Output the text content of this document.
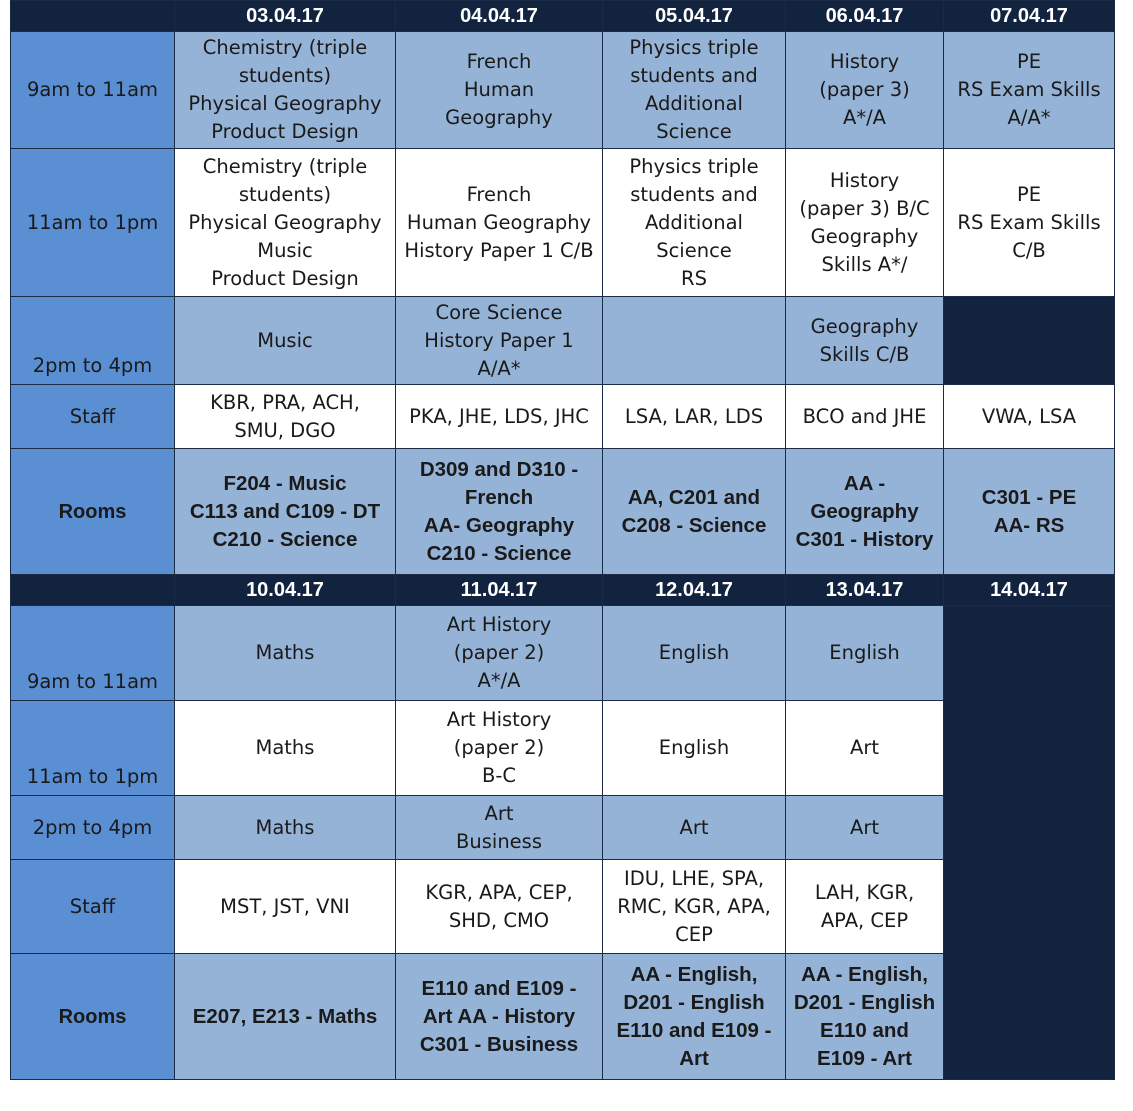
	03.04.17	04.04.17	05.04.17	06.04.17	07.04.17
9am to 11am	Chemistry (triple
students)
Physical Geography
Product Design	French
Human
Geography	Physics triple
students and
Additional
Science	History
(paper 3)
A*/A	PE
RS Exam Skills
A/A*
11am to 1pm	Chemistry (triple
students)
Physical Geography
Music
Product Design	French
Human Geography
History Paper 1 C/B	Physics triple
students and
Additional
Science
RS	History
(paper 3) B/C
Geography
Skills A*/	PE
RS Exam Skills
C/B
2pm to 4pm	Music	Core Science
History Paper 1
A/A*		Geography
Skills C/B	
Staff	KBR, PRA, ACH,
SMU, DGO	PKA, JHE, LDS, JHC	LSA, LAR, LDS	BCO and JHE	VWA, LSA
Rooms	F204 - Music
C113 and C109 - DT
C210 - Science	D309 and D310 -
French
AA- Geography
C210 - Science	AA, C201 and
C208 - Science	AA -
Geography
C301 - History	C301 - PE
AA- RS
	10.04.17	11.04.17	12.04.17	13.04.17	14.04.17
9am to 11am	Maths	Art History
(paper 2)
A*/A	English	English	
11am to 1pm	Maths	Art History
(paper 2)
B-C	English	Art	
2pm to 4pm	Maths	Art
Business	Art	Art	
Staff	MST, JST, VNI	KGR, APA, CEP,
SHD, CMO	IDU, LHE, SPA,
RMC, KGR, APA,
CEP	LAH, KGR,
APA, CEP	
Rooms	E207, E213 - Maths	E110 and E109 -
Art AA - History
C301 - Business	AA - English,
D201 - English
E110 and E109 -
Art	AA - English,
D201 - English
E110 and
E109 - Art	
